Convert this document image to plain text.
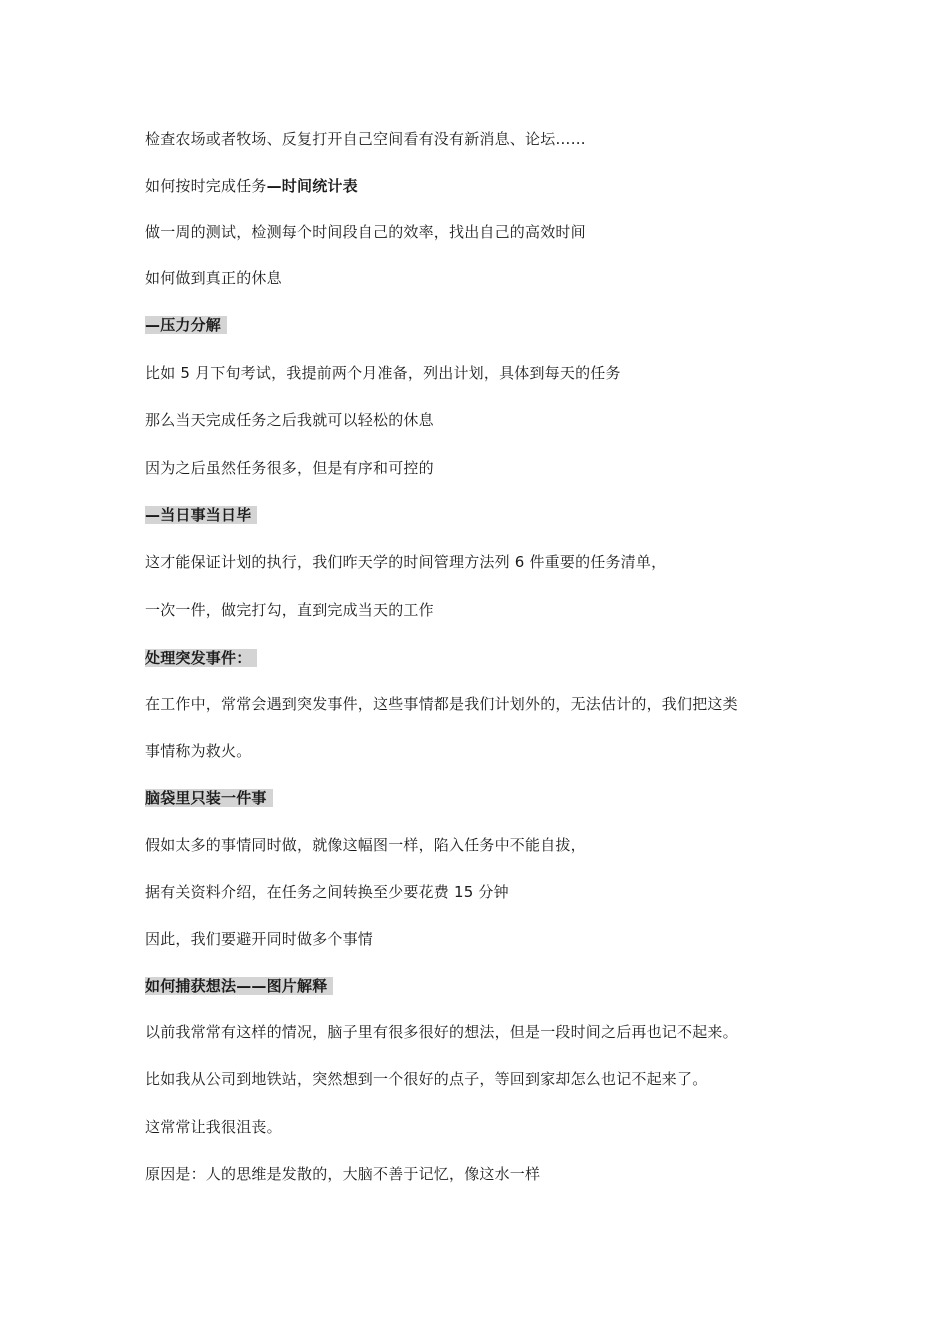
检查农场或者牧场、反复打开自己空间看有没有新消息、论坛……
如何按时完成任务—时间统计表
做一周的测试，检测每个时间段自己的效率，找出自己的高效时间
如何做到真正的休息
—压力分解
比如 5 月下旬考试，我提前两个月准备，列出计划，具体到每天的任务
那么当天完成任务之后我就可以轻松的休息
因为之后虽然任务很多，但是有序和可控的
—当日事当日毕
这才能保证计划的执行，我们昨天学的时间管理方法列 6 件重要的任务清单，
一次一件，做完打勾，直到完成当天的工作
处理突发事件：
在工作中，常常会遇到突发事件，这些事情都是我们计划外的，无法估计的，我们把这类
事情称为救火。
脑袋里只装一件事
假如太多的事情同时做，就像这幅图一样，陷入任务中不能自拔，
据有关资料介绍，在任务之间转换至少要花费 15 分钟
因此，我们要避开同时做多个事情
如何捕获想法——图片解释
以前我常常有这样的情况，脑子里有很多很好的想法，但是一段时间之后再也记不起来。
比如我从公司到地铁站，突然想到一个很好的点子，等回到家却怎么也记不起来了。
这常常让我很沮丧。
原因是：人的思维是发散的，大脑不善于记忆，像这水一样
